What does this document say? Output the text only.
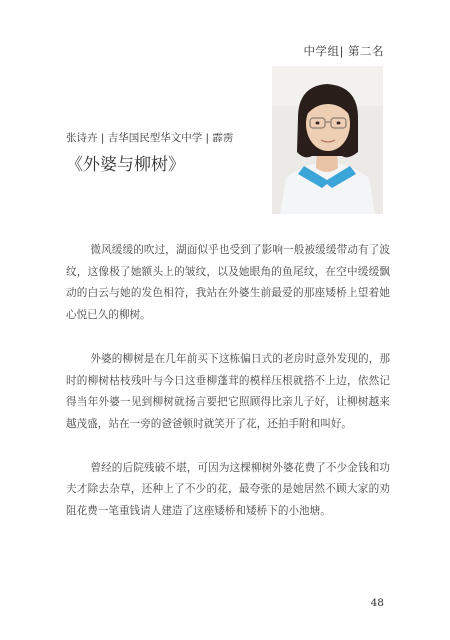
中学组| 第二名
张诗卉 | 吉华国民型华文中学 | 霹雳
《外婆与柳树》

微风缓缓的吹过，湖面似乎也受到了影响一般被缓缓带动有了波纹，这像极了她额头上的皱纹，以及她眼角的鱼尾纹，在空中缓缓飘动的白云与她的发色相符，我站在外婆生前最爱的那座矮桥上望着她心悦已久的柳树。

外婆的柳树是在几年前买下这栋偏日式的老房时意外发现的，那时的柳树枯枝残叶与今日这垂柳蓬茸的模样压根就搭不上边，依然记得当年外婆一见到柳树就扬言要把它照顾得比亲儿子好，让柳树越来越茂盛，站在一旁的爸爸顿时就笑开了花，还拍手附和叫好。

曾经的后院残破不堪，可因为这棵柳树外婆花费了不少金钱和功夫才除去杂草，还种上了不少的花，最夸张的是她居然不顾大家的劝阻花费一笔重钱请人建造了这座矮桥和矮桥下的小池塘。

48
